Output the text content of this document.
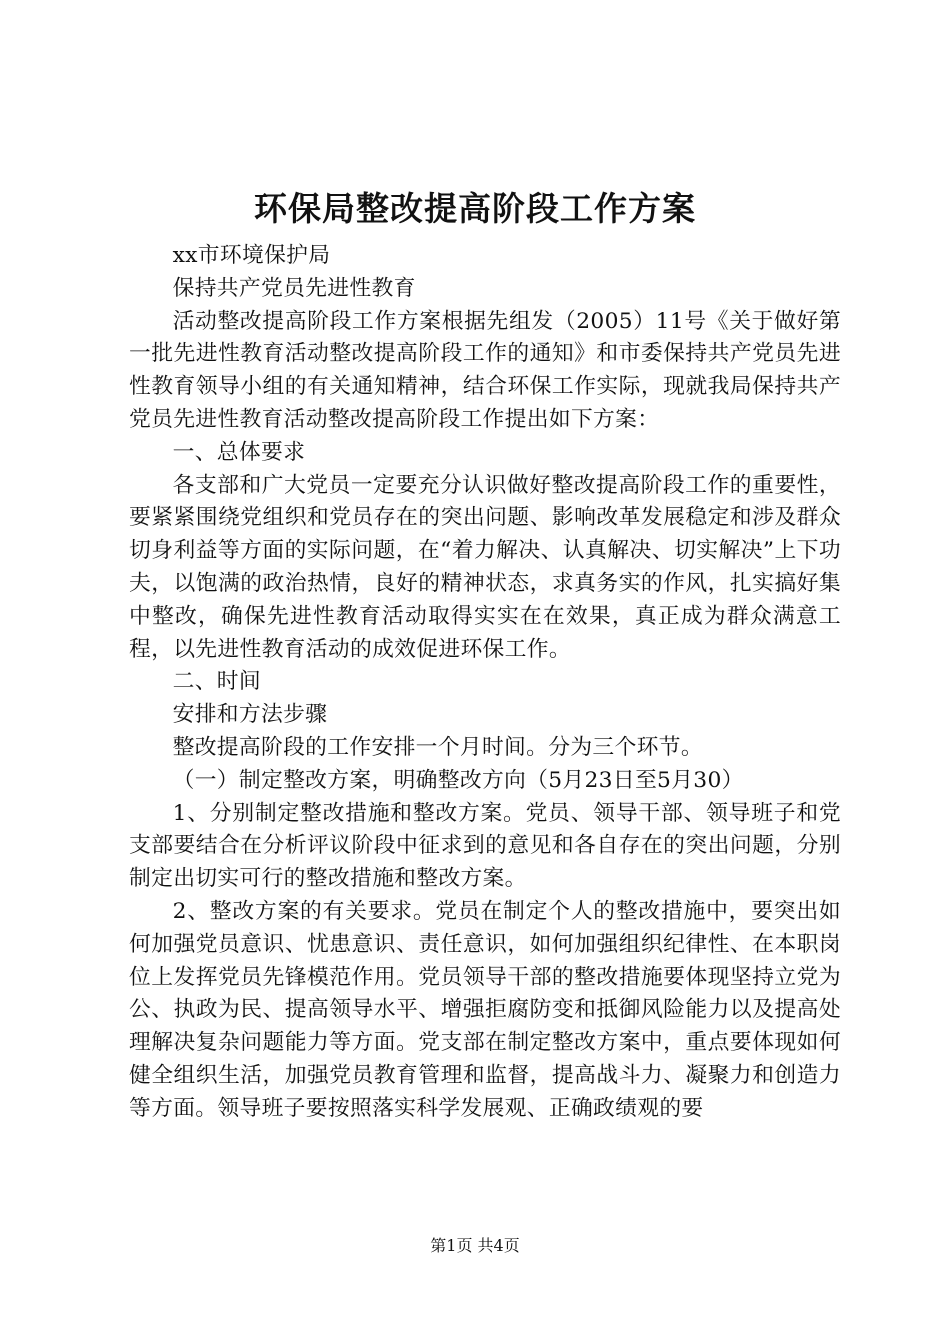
环保局整改提高阶段工作方案

xx市环境保护局

保持共产党员先进性教育

活动整改提高阶段工作方案根据先组发（2005）11号《关于做好第一批先进性教育活动整改提高阶段工作的通知》和市委保持共产党员先进性教育领导小组的有关通知精神，结合环保工作实际，现就我局保持共产党员先进性教育活动整改提高阶段工作提出如下方案：

一、总体要求

各支部和广大党员一定要充分认识做好整改提高阶段工作的重要性，要紧紧围绕党组织和党员存在的突出问题、影响改革发展稳定和涉及群众切身利益等方面的实际问题，在“着力解决、认真解决、切实解决”上下功夫，以饱满的政治热情，良好的精神状态，求真务实的作风，扎实搞好集中整改，确保先进性教育活动取得实实在在效果，真正成为群众满意工程，以先进性教育活动的成效促进环保工作。

二、时间

安排和方法步骤

整改提高阶段的工作安排一个月时间。分为三个环节。

（一）制定整改方案，明确整改方向（5月23日至5月30）

1、分别制定整改措施和整改方案。党员、领导干部、领导班子和党支部要结合在分析评议阶段中征求到的意见和各自存在的突出问题，分别制定出切实可行的整改措施和整改方案。

2、整改方案的有关要求。党员在制定个人的整改措施中，要突出如何加强党员意识、忧患意识、责任意识，如何加强组织纪律性、在本职岗位上发挥党员先锋模范作用。党员领导干部的整改措施要体现坚持立党为公、执政为民、提高领导水平、增强拒腐防变和抵御风险能力以及提高处理解决复杂问题能力等方面。党支部在制定整改方案中，重点要体现如何健全组织生活，加强党员教育管理和监督，提高战斗力、凝聚力和创造力等方面。领导班子要按照落实科学发展观、正确政绩观的要

第1页 共4页
